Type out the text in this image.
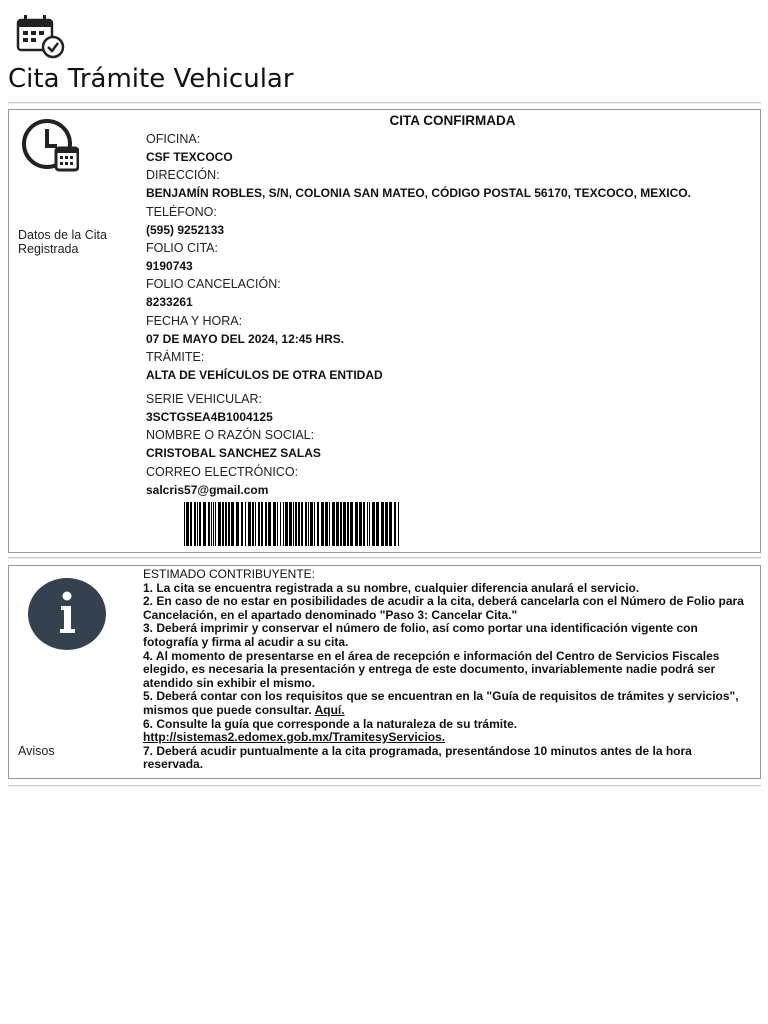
Cita Trámite Vehicular
Datos de la Cita Registrada
CITA CONFIRMADA
OFICINA:
CSF TEXCOCO
DIRECCIÓN:
BENJAMÍN ROBLES, S/N, COLONIA SAN MATEO, CÓDIGO POSTAL 56170, TEXCOCO, MEXICO.
TELÉFONO:
(595) 9252133
FOLIO CITA:
9190743
FOLIO CANCELACIÓN:
8233261
FECHA Y HORA:
07 DE MAYO DEL 2024, 12:45 HRS.
TRÁMITE:
ALTA DE VEHÍCULOS DE OTRA ENTIDAD
SERIE VEHICULAR:
3SCTGSEA4B1004125
NOMBRE O RAZÓN SOCIAL:
CRISTOBAL SANCHEZ SALAS
CORREO ELECTRÓNICO:
salcris57@gmail.com
Avisos
ESTIMADO CONTRIBUYENTE:
1. La cita se encuentra registrada a su nombre, cualquier diferencia anulará el servicio.
2. En caso de no estar en posibilidades de acudir a la cita, deberá cancelarla con el Número de Folio para Cancelación, en el apartado denominado "Paso 3: Cancelar Cita."
3. Deberá imprimir y conservar el número de folio, así como portar una identificación vigente con fotografía y firma al acudir a su cita.
4. Al momento de presentarse en el área de recepción e información del Centro de Servicios Fiscales elegido, es necesaria la presentación y entrega de este documento, invariablemente nadie podrá ser atendido sin exhibir el mismo.
5. Deberá contar con los requisitos que se encuentran en la "Guía de requisitos de trámites y servicios", mismos que puede consultar. Aquí.
6. Consulte la guía que corresponde a la naturaleza de su trámite.
http://sistemas2.edomex.gob.mx/TramitesyServicios.
7. Deberá acudir puntualmente a la cita programada, presentándose 10 minutos antes de la hora reservada.
